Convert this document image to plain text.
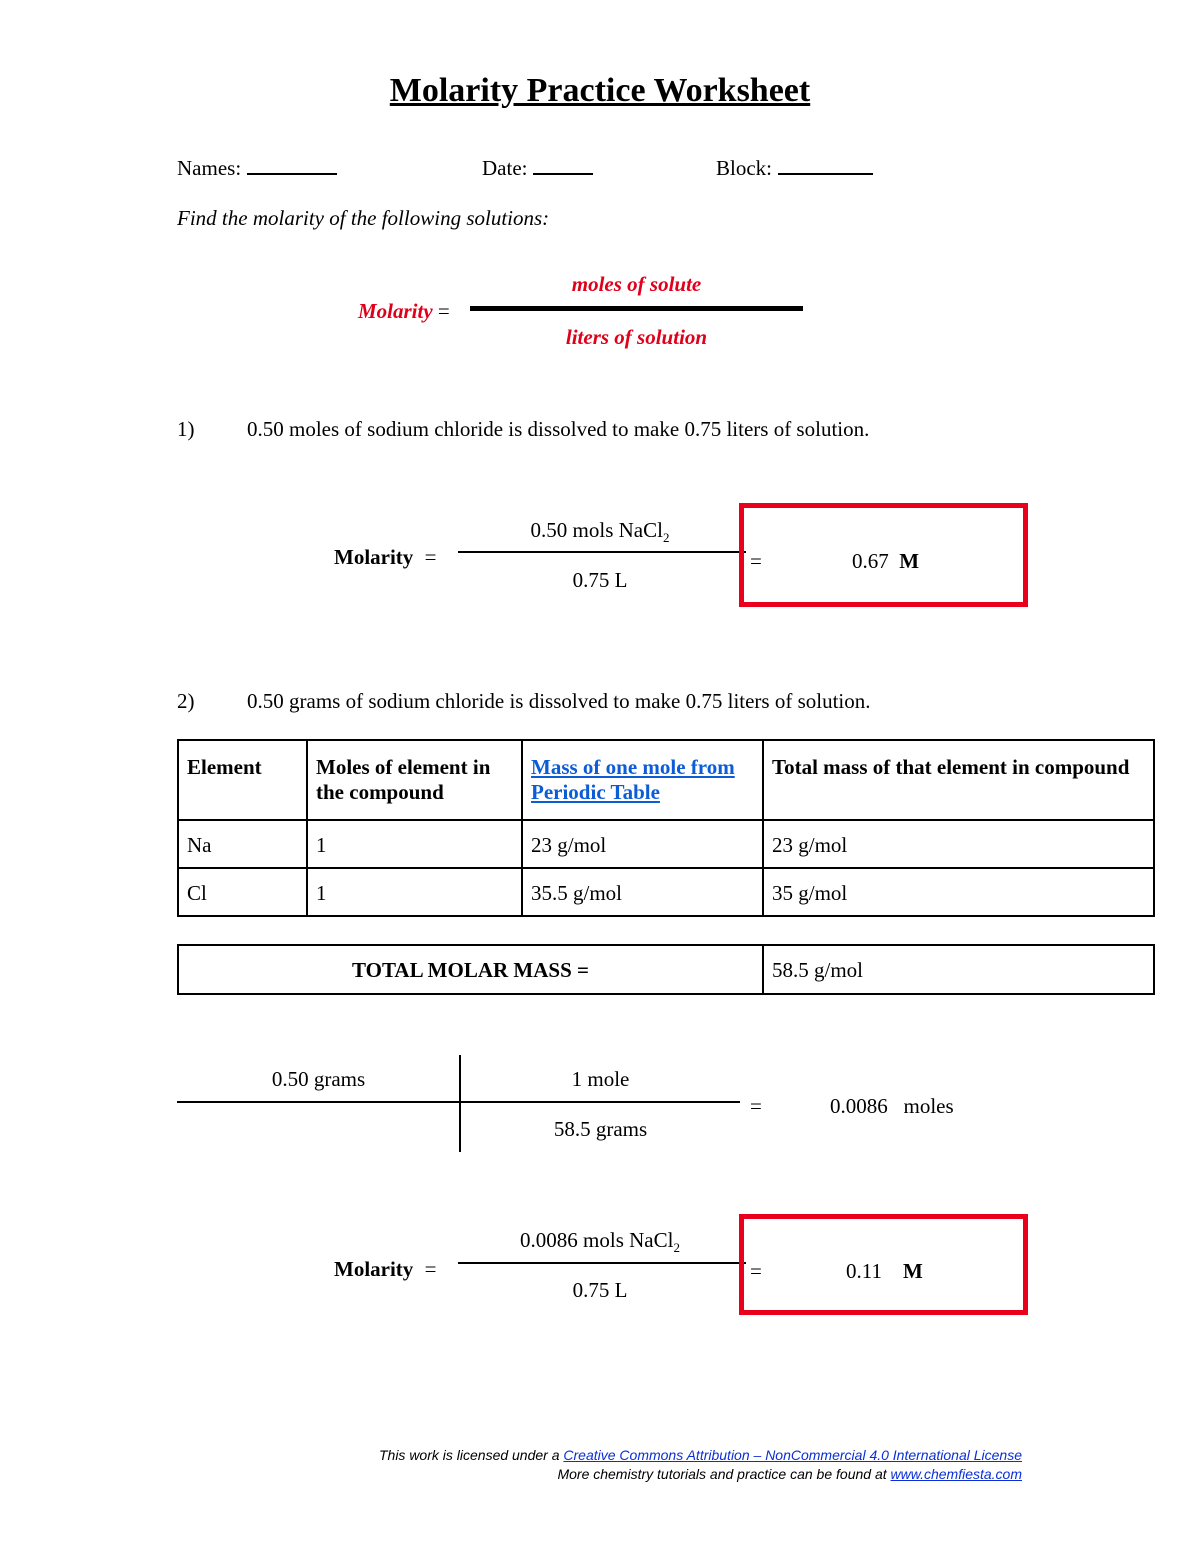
Molarity Practice Worksheet
Names:	Date:	Block:
Find the molarity of the following solutions:
Molarity =
moles of solute
liters of solution
1)	0.50 moles of sodium chloride is dissolved to make 0.75 liters of solution.
Molarity =
0.50 mols NaCl$_2$
0.75 L
=	0.67 M
2)	0.50 grams of sodium chloride is dissolved to make 0.75 liters of solution.
Element	Moles of element in the compound	Mass of one mole from Periodic Table	Total mass of that element in compound
Na	1	23 g/mol	23 g/mol
Cl	1	35.5 g/mol	35 g/mol
TOTAL MOLAR MASS =	58.5 g/mol
0.50 grams	1 mole
58.5 grams
=	0.0086 moles
Molarity =
0.0086 mols NaCl$_2$
0.75 L
=	0.11 M
This work is licensed under a Creative Commons Attribution – NonCommercial 4.0 International License
More chemistry tutorials and practice can be found at www.chemfiesta.com
